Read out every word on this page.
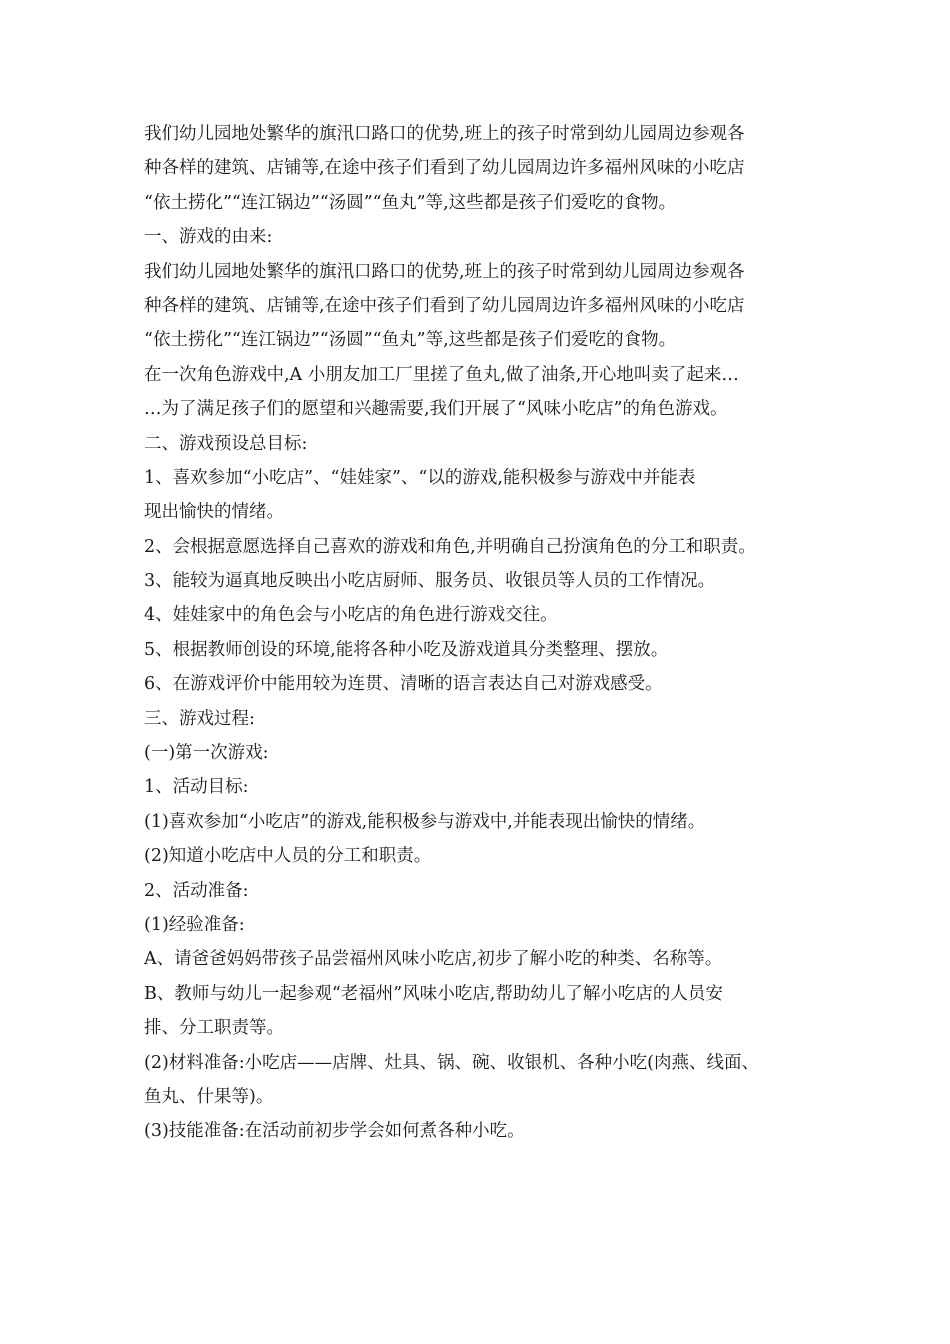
我们幼儿园地处繁华的旗汛口路口的优势,班上的孩子时常到幼儿园周边参观各
种各样的建筑、店铺等,在途中孩子们看到了幼儿园周边许多福州风味的小吃店
“依土捞化”“连江锅边”“汤圆”“鱼丸”等,这些都是孩子们爱吃的食物。
一、游戏的由来:
我们幼儿园地处繁华的旗汛口路口的优势,班上的孩子时常到幼儿园周边参观各
种各样的建筑、店铺等,在途中孩子们看到了幼儿园周边许多福州风味的小吃店
“依土捞化”“连江锅边”“汤圆”“鱼丸”等,这些都是孩子们爱吃的食物。
在一次角色游戏中,A 小朋友加工厂里搓了鱼丸,做了油条,开心地叫卖了起来…
…为了满足孩子们的愿望和兴趣需要,我们开展了“风味小吃店”的角色游戏。
二、游戏预设总目标:
1、喜欢参加“小吃店”、“娃娃家”、“以的游戏,能积极参与游戏中并能表
现出愉快的情绪。
2、会根据意愿选择自己喜欢的游戏和角色,并明确自己扮演角色的分工和职责。
3、能较为逼真地反映出小吃店厨师、服务员、收银员等人员的工作情况。
4、娃娃家中的角色会与小吃店的角色进行游戏交往。
5、根据教师创设的环境,能将各种小吃及游戏道具分类整理、摆放。
6、在游戏评价中能用较为连贯、清晰的语言表达自己对游戏感受。
三、游戏过程:
(一)第一次游戏:
1、活动目标:
(1)喜欢参加“小吃店”的游戏,能积极参与游戏中,并能表现出愉快的情绪。
(2)知道小吃店中人员的分工和职责。
2、活动准备:
(1)经验准备:
A、请爸爸妈妈带孩子品尝福州风味小吃店,初步了解小吃的种类、名称等。
B、教师与幼儿一起参观“老福州”风味小吃店,帮助幼儿了解小吃店的人员安
排、分工职责等。
(2)材料准备:小吃店——店牌、灶具、锅、碗、收银机、各种小吃(肉燕、线面、
鱼丸、什果等)。
(3)技能准备:在活动前初步学会如何煮各种小吃。
